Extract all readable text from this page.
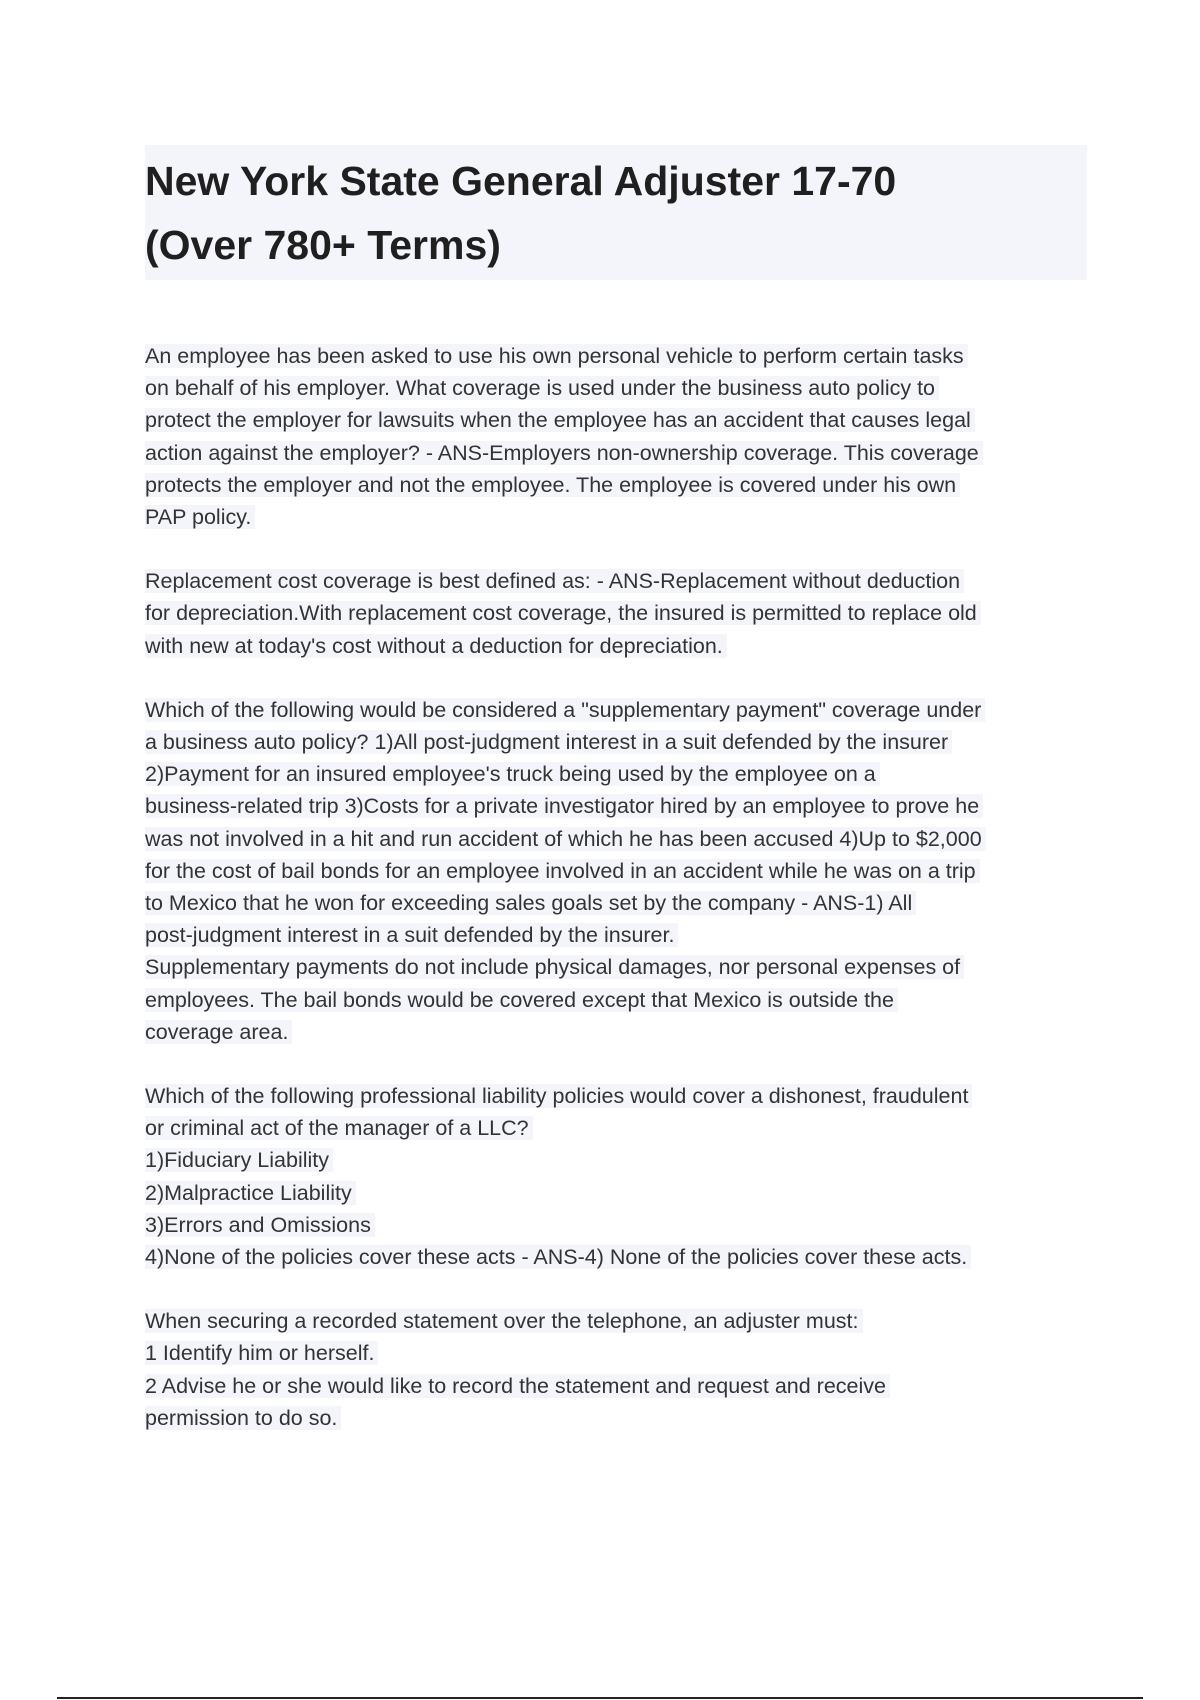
New York State General Adjuster 17-70
(Over 780+ Terms)
An employee has been asked to use his own personal vehicle to perform certain tasks
on behalf of his employer. What coverage is used under the business auto policy to
protect the employer for lawsuits when the employee has an accident that causes legal
action against the employer? - ANS-Employers non-ownership coverage. This coverage
protects the employer and not the employee. The employee is covered under his own
PAP policy.
Replacement cost coverage is best defined as: - ANS-Replacement without deduction
for depreciation.With replacement cost coverage, the insured is permitted to replace old
with new at today's cost without a deduction for depreciation.
Which of the following would be considered a "supplementary payment" coverage under
a business auto policy? 1)All post-judgment interest in a suit defended by the insurer
2)Payment for an insured employee's truck being used by the employee on a
business-related trip 3)Costs for a private investigator hired by an employee to prove he
was not involved in a hit and run accident of which he has been accused 4)Up to $2,000
for the cost of bail bonds for an employee involved in an accident while he was on a trip
to Mexico that he won for exceeding sales goals set by the company - ANS-1) All
post-judgment interest in a suit defended by the insurer.
Supplementary payments do not include physical damages, nor personal expenses of
employees. The bail bonds would be covered except that Mexico is outside the
coverage area.
Which of the following professional liability policies would cover a dishonest, fraudulent
or criminal act of the manager of a LLC?
1)Fiduciary Liability
2)Malpractice Liability
3)Errors and Omissions
4)None of the policies cover these acts - ANS-4) None of the policies cover these acts.
When securing a recorded statement over the telephone, an adjuster must:
1 Identify him or herself.
2 Advise he or she would like to record the statement and request and receive
permission to do so.
